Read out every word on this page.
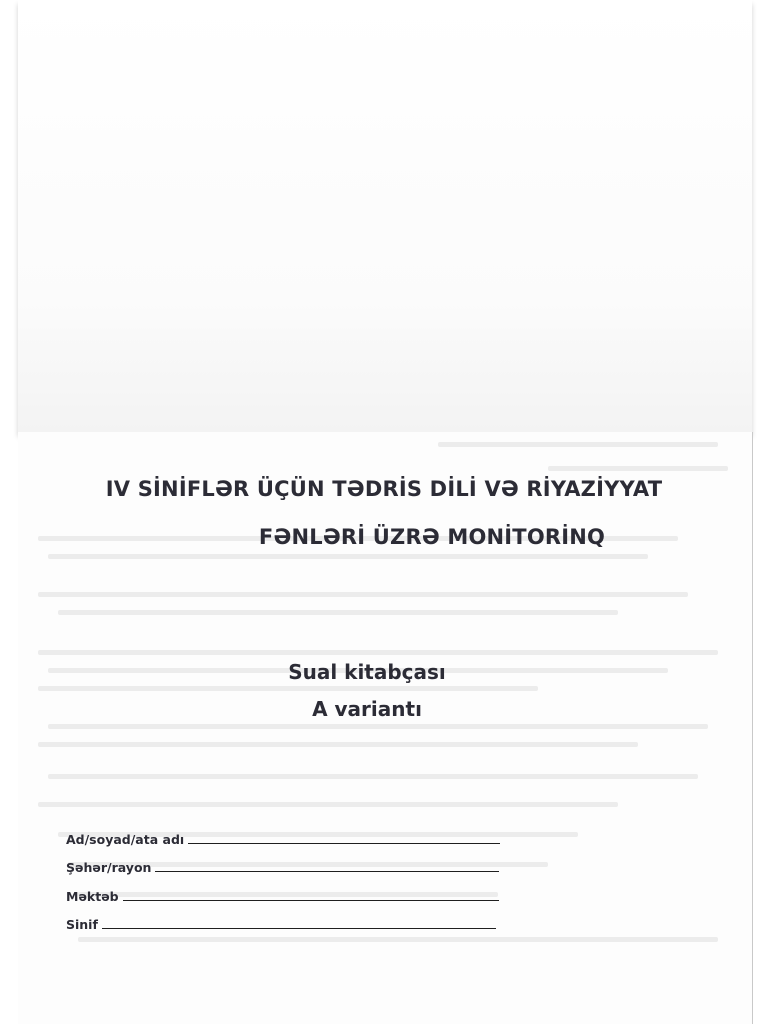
IV SİNİFLƏR ÜÇÜN TƏDRİS DİLİ VƏ RİYAZİYYAT
FƏNLƏRİ ÜZRƏ MONİTORİNQ
Sual kitabçası
A variantı
Ad/soyad/ata adı
Şəhər/rayon
Məktəb
Sinif
